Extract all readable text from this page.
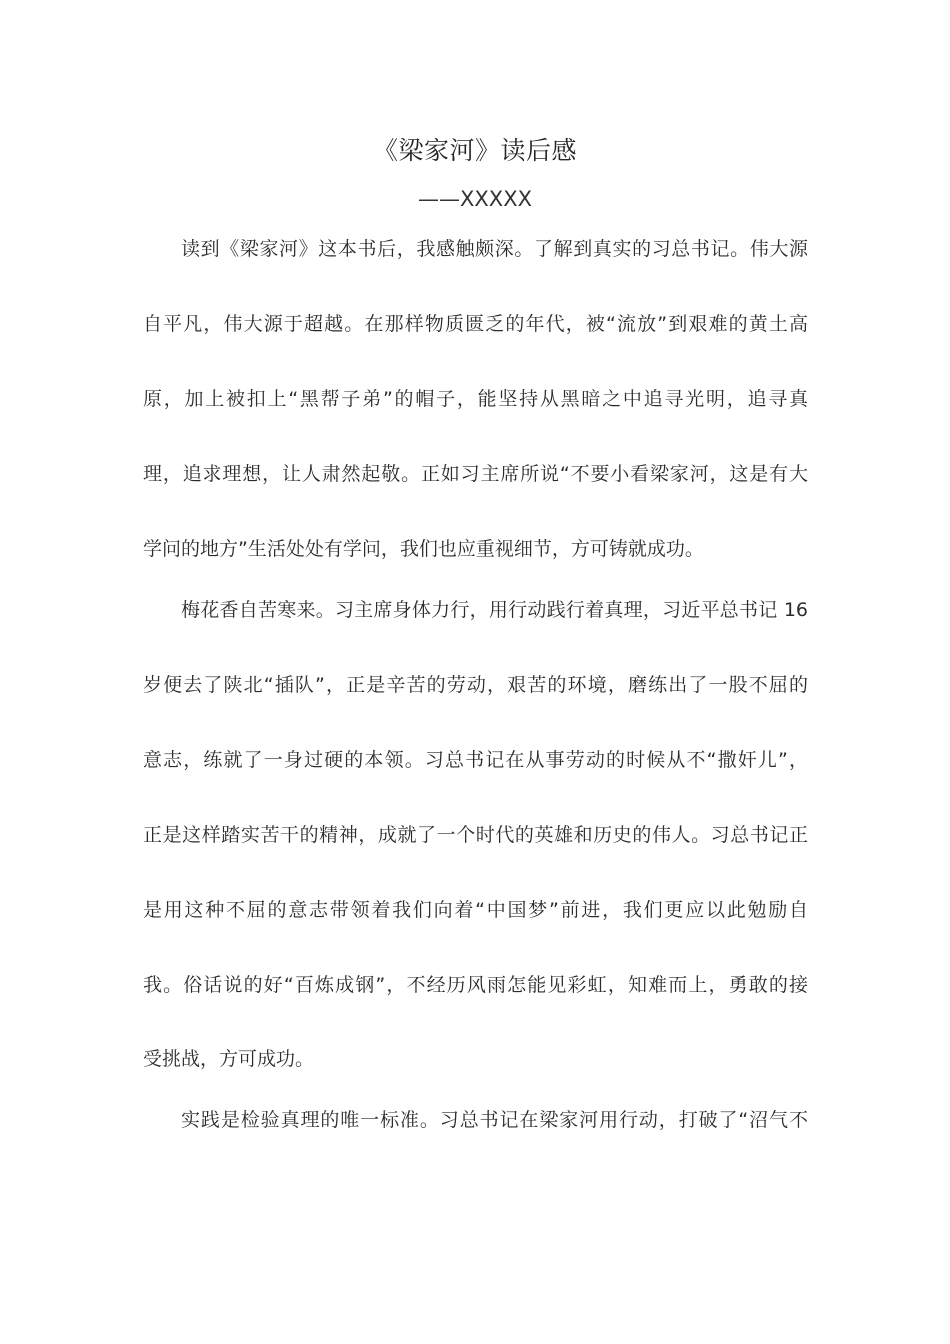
《梁家河》读后感
——XXXXX
读到《梁家河》这本书后，我感触颇深。了解到真实的习总书记。伟大源
自平凡，伟大源于超越。在那样物质匮乏的年代，被“流放”到艰难的黄土高
原，加上被扣上“黑帮子弟”的帽子，能坚持从黑暗之中追寻光明，追寻真
理，追求理想，让人肃然起敬。正如习主席所说“不要小看梁家河，这是有大
学问的地方”生活处处有学问，我们也应重视细节，方可铸就成功。
梅花香自苦寒来。习主席身体力行，用行动践行着真理，习近平总书记 16
岁便去了陕北“插队”，正是辛苦的劳动，艰苦的环境，磨练出了一股不屈的
意志，练就了一身过硬的本领。习总书记在从事劳动的时候从不“撒奸儿”，
正是这样踏实苦干的精神，成就了一个时代的英雄和历史的伟人。习总书记正
是用这种不屈的意志带领着我们向着“中国梦”前进，我们更应以此勉励自
我。俗话说的好“百炼成钢”，不经历风雨怎能见彩虹，知难而上，勇敢的接
受挑战，方可成功。
实践是检验真理的唯一标准。习总书记在梁家河用行动，打破了“沼气不
